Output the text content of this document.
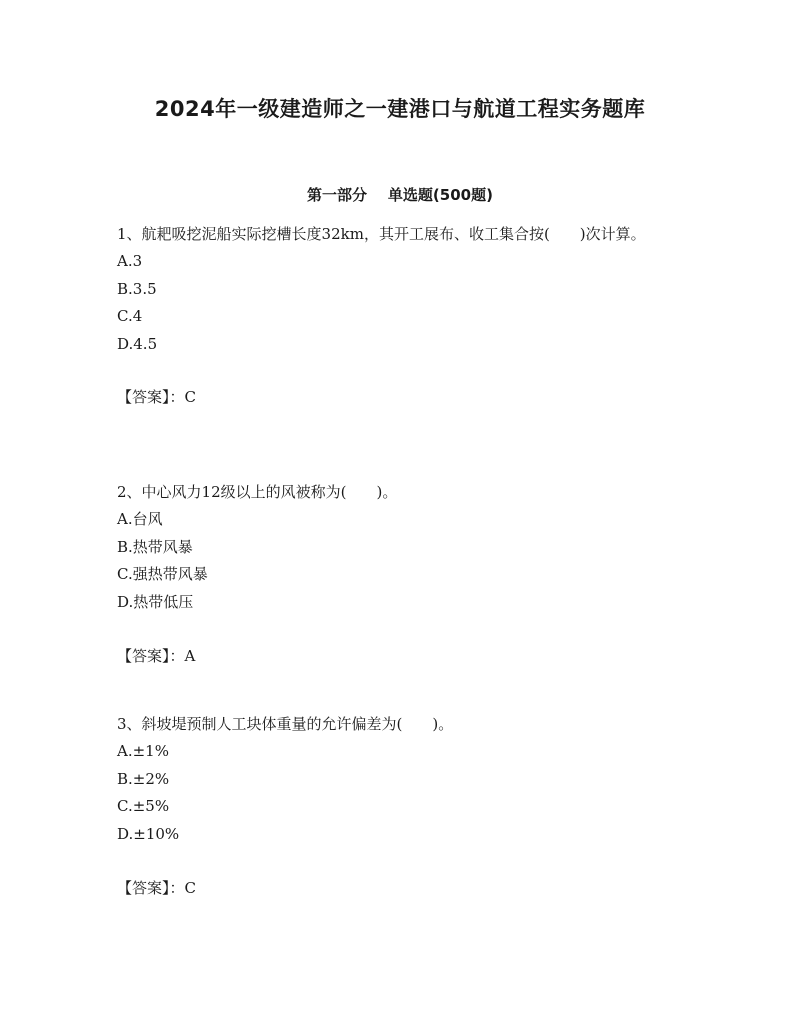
2024年一级建造师之一建港口与航道工程实务题库
第一部分    单选题(500题)

1、航耙吸挖泥船实际挖槽长度32km，其开工展布、收工集合按(　　)次计算。

A.3

B.3.5

C.4

D.4.5

【答案】：C

2、中心风力12级以上的风被称为(　　)。

A.台风

B.热带风暴

C.强热带风暴

D.热带低压

【答案】：A

3、斜坡堤预制人工块体重量的允许偏差为(　　)。

A.±1%

B.±2%

C.±5%

D.±10%

【答案】：C
